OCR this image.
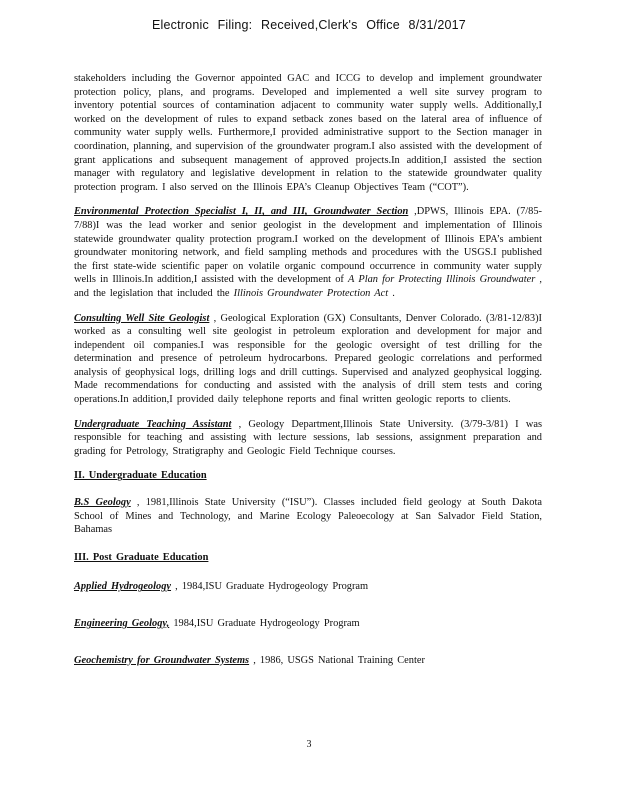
Electronic Filing: Received,Clerk's Office 8/31/2017

stakeholders including the Governor appointed GAC and ICCG to develop and implement groundwater protection policy, plans, and programs. Developed and implemented a well site survey program to inventory potential sources of contamination adjacent to community water supply wells. Additionally,I worked on the development of rules to expand setback zones based on the lateral area of influence of community water supply wells. Furthermore,I provided administrative support to the Section manager in coordination, planning, and supervision of the groundwater program.I also assisted with the development of grant applications and subsequent management of approved projects.In addition,I assisted the section manager with regulatory and legislative development in relation to the statewide groundwater quality protection program. I also served on the Illinois EPA’s Cleanup Objectives Team (“COT”).

Environmental Protection Specialist I, II, and III, Groundwater Section ,DPWS, Illinois EPA. (7/85-7/88)I was the lead worker and senior geologist in the development and implementation of Illinois statewide groundwater quality protection program.I worked on the development of Illinois EPA’s ambient groundwater monitoring network, and field sampling methods and procedures with the USGS.I published the first state-wide scientific paper on volatile organic compound occurrence in community water supply wells in Illinois.In addition,I assisted with the development of A Plan for Protecting Illinois Groundwater , and the legislation that included the Illinois Groundwater Protection Act .

Consulting Well Site Geologist , Geological Exploration (GX) Consultants, Denver Colorado. (3/81-12/83)I worked as a consulting well site geologist in petroleum exploration and development for major and independent oil companies.I was responsible for the geologic oversight of test drilling for the determination and presence of petroleum hydrocarbons. Prepared geologic correlations and performed analysis of geophysical logs, drilling logs and drill cuttings. Supervised and analyzed geophysical logging. Made recommendations for conducting and assisted with the analysis of drill stem tests and coring operations.In addition,I provided daily telephone reports and final written geologic reports to clients.

Undergraduate Teaching Assistant , Geology Department,Illinois State University. (3/79-3/81) I was responsible for teaching and assisting with lecture sessions, lab sessions, assignment preparation and grading for Petrology, Stratigraphy and Geologic Field Technique courses.

II. Undergraduate Education

B.S Geology , 1981,Illinois State University (“ISU”). Classes included field geology at South Dakota School of Mines and Technology, and Marine Ecology Paleoecology at San Salvador Field Station, Bahamas

III. Post Graduate Education

Applied Hydrogeology , 1984,ISU Graduate Hydrogeology Program

Engineering Geology, 1984,ISU Graduate Hydrogeology Program

Geochemistry for Groundwater Systems , 1986, USGS National Training Center

3
